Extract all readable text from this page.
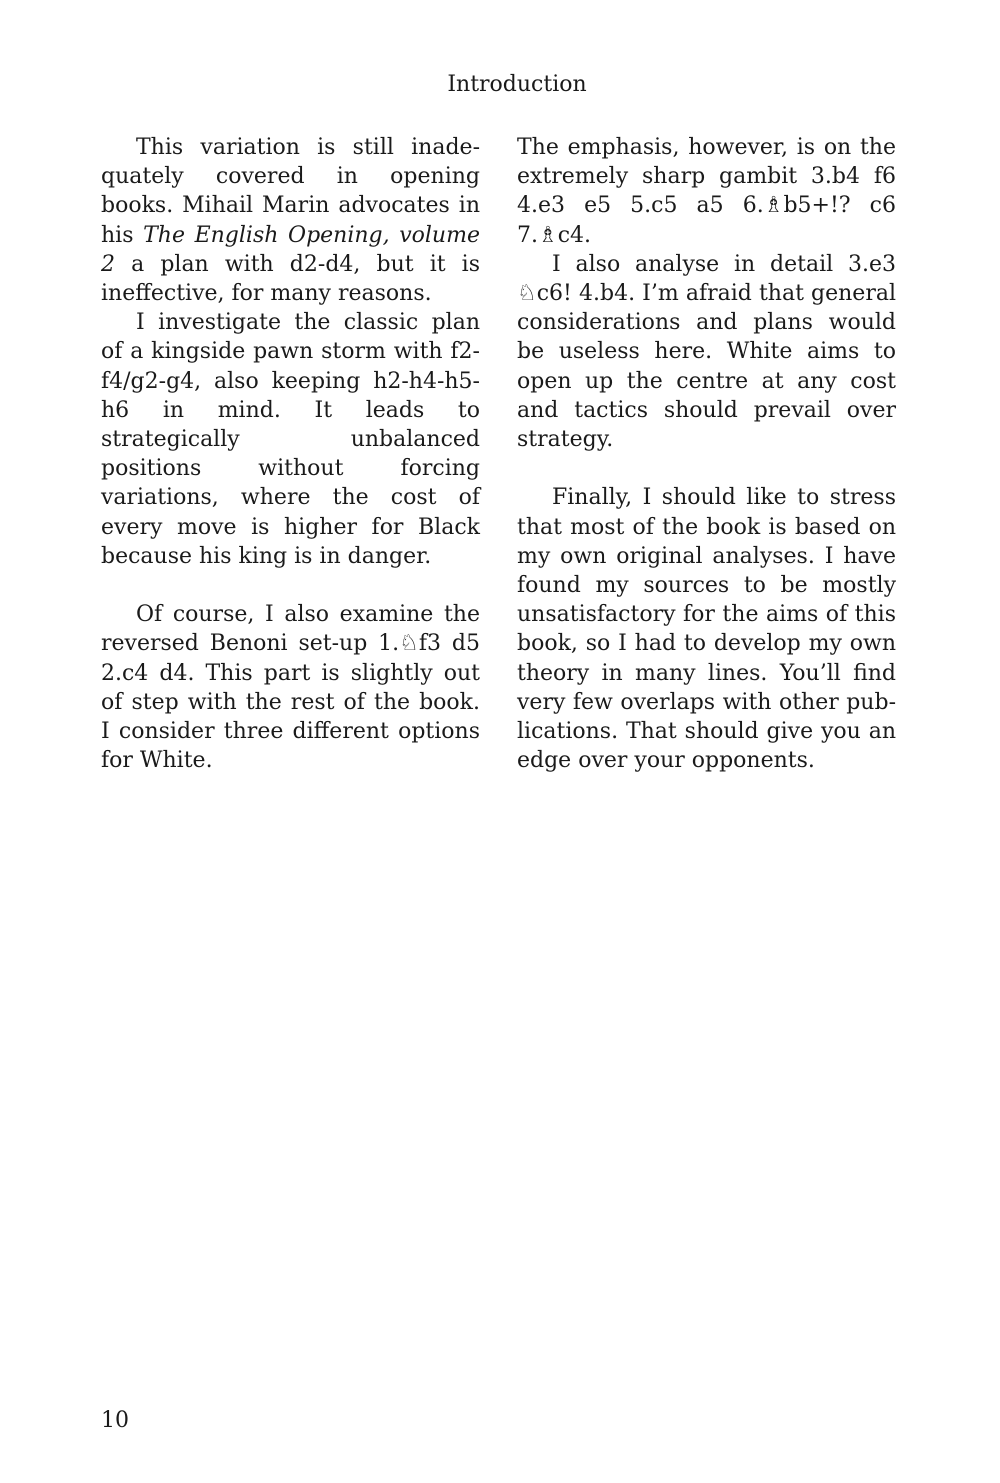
Introduction

This variation is still inadequately covered in opening books. Mihail Marin advocates in his The English Opening, volume 2 a plan with d2-d4, but it is ineffective, for many reasons.

I investigate the classic plan of a kingside pawn storm with f2-f4/​g2-g4, also keeping h2-h4-h5-h6 in mind. It leads to strategically unbalanced positions without forcing variations, where the cost of every move is higher for Black because his king is in danger.

Of course, I also examine the reversed Benoni set-up 1.♘f3 d5 2.c4 d4. This part is slightly out of step with the rest of the book. I consider three different options for White.

The emphasis, however, is on the extremely sharp gambit 3.b4 f6 4.e3 e5 5.c5 a5 6.♗b5+!? c6 7.♗c4.

I also analyse in detail 3.e3 ♘c6! 4.b4. I’m afraid that general considerations and plans would be useless here. White aims to open up the centre at any cost and tactics should prevail over strategy.

Finally, I should like to stress that most of the book is based on my own original analyses. I have found my sources to be mostly unsatisfactory for the aims of this book, so I had to develop my own theory in many lines. You’ll find very few overlaps with other publications. That should give you an edge over your opponents.

10
